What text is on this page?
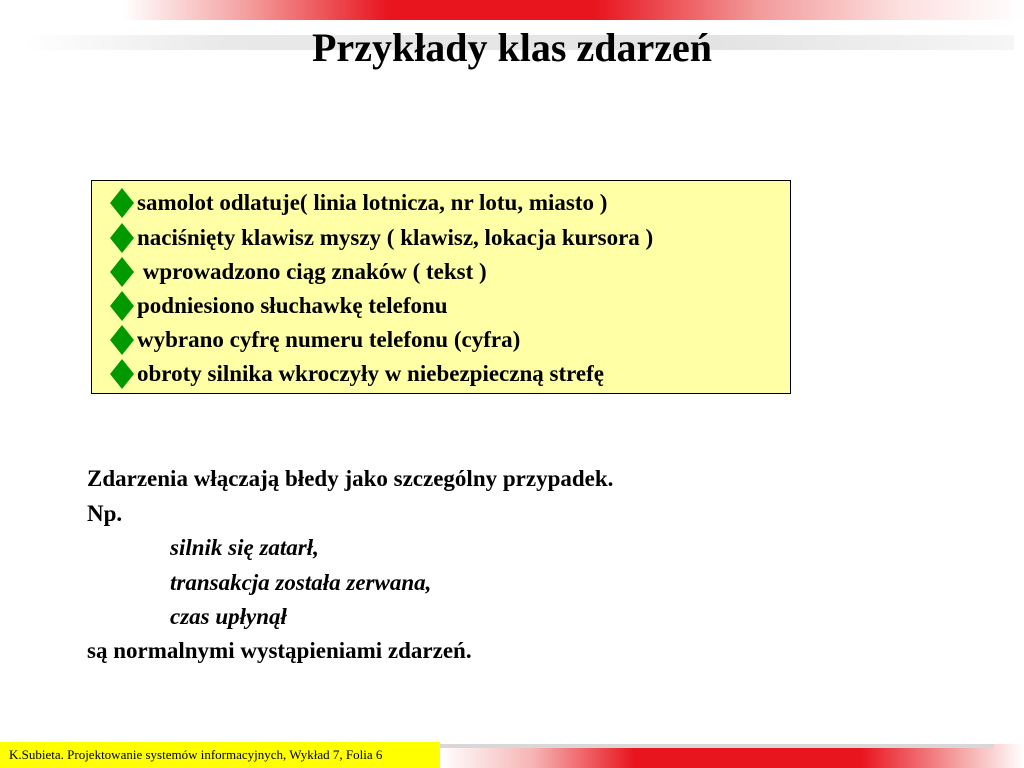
Przykłady klas zdarzeń
samolot odlatuje( linia lotnicza, nr lotu, miasto )
naciśnięty klawisz myszy ( klawisz, lokacja kursora )
wprowadzono ciąg znaków ( tekst )
podniesiono słuchawkę telefonu
wybrano cyfrę numeru telefonu (cyfra)
obroty silnika wkroczyły w niebezpieczną strefę

Zdarzenia włączają błedy jako szczególny przypadek.

Np.

silnik się zatarł,

transakcja została zerwana,

czas upłynął

są normalnymi wystąpieniami zdarzeń.

K.Subieta. Projektowanie systemów informacyjnych, Wykład 7, Folia 6
